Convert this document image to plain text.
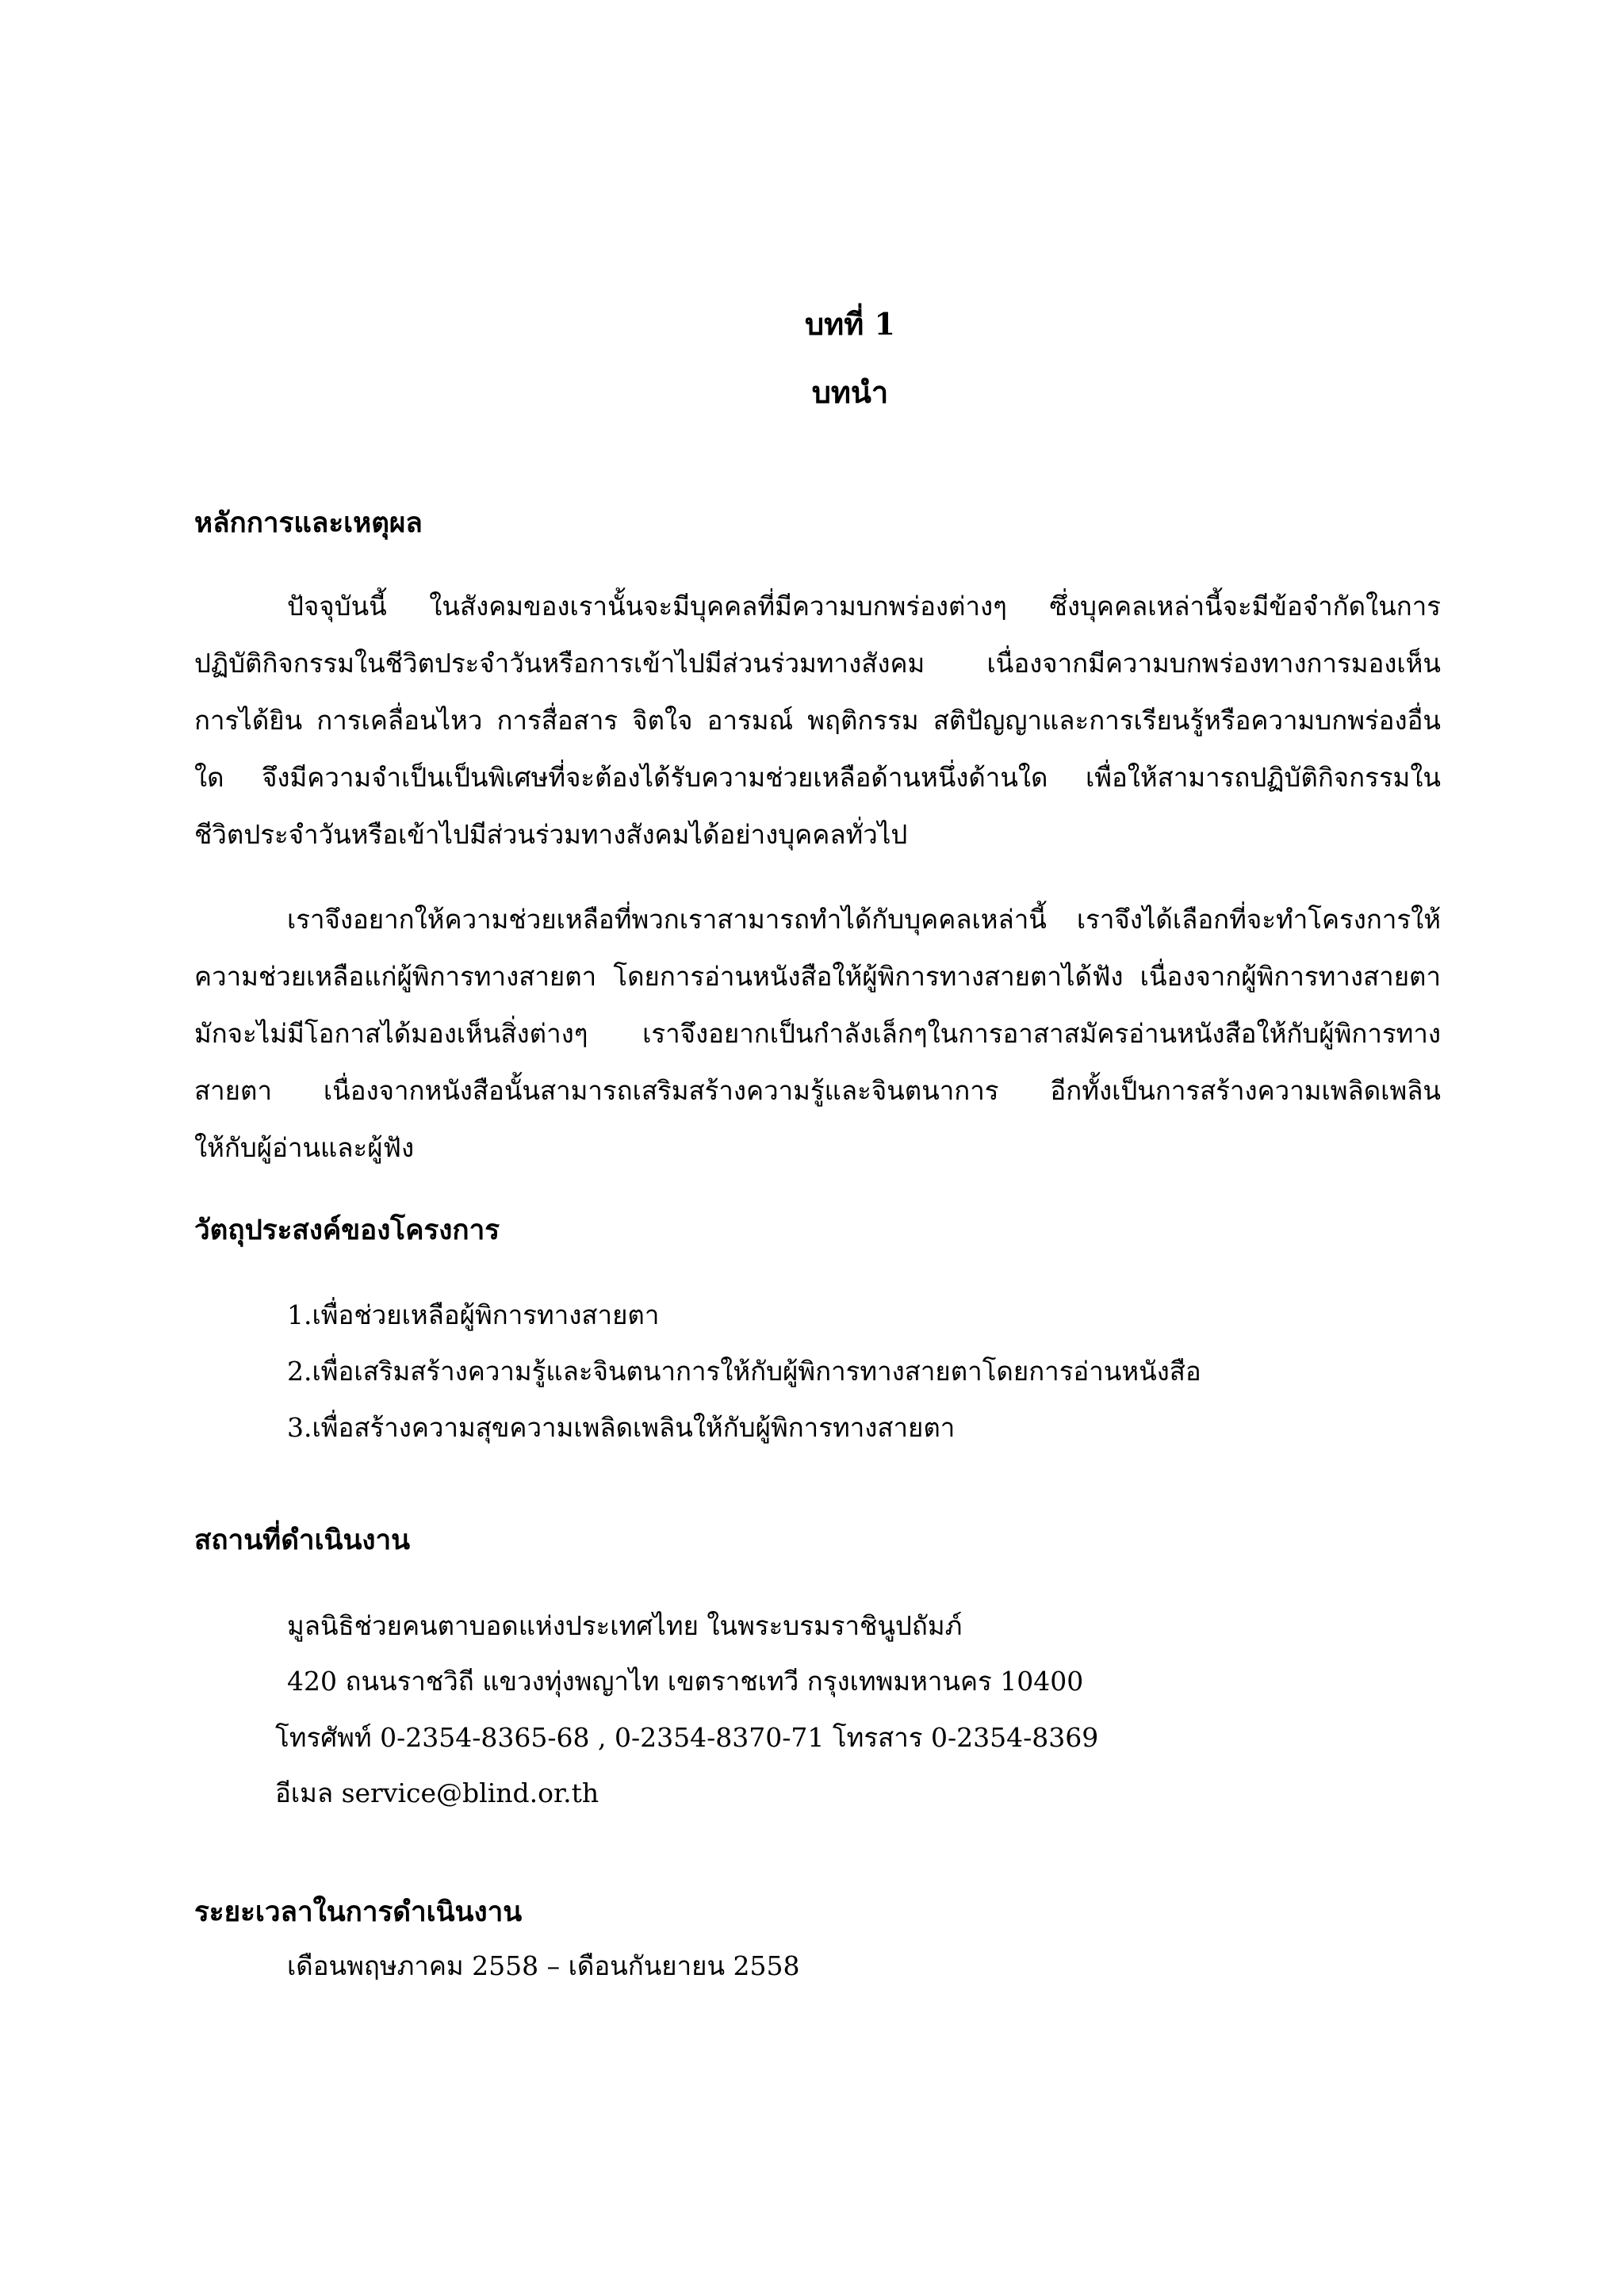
บทที่ 1
บทนำ
หลักการและเหตุผล
ปัจจุบันนี้ ในสังคมของเรานั้นจะมีบุคคลที่มีความบกพร่องต่างๆ ซึ่งบุคคลเหล่านี้จะมีข้อจำกัดในการ
ปฏิบัติกิจกรรมในชีวิตประจำวันหรือการเข้าไปมีส่วนร่วมทางสังคม เนื่องจากมีความบกพร่องทางการมองเห็น
การได้ยิน การเคลื่อนไหว การสื่อสาร จิตใจ อารมณ์ พฤติกรรม สติปัญญาและการเรียนรู้หรือความบกพร่องอื่น
ใด จึงมีความจำเป็นเป็นพิเศษที่จะต้องได้รับความช่วยเหลือด้านหนึ่งด้านใด เพื่อให้สามารถปฏิบัติกิจกรรมใน
ชีวิตประจำวันหรือเข้าไปมีส่วนร่วมทางสังคมได้อย่างบุคคลทั่วไป
เราจึงอยากให้ความช่วยเหลือที่พวกเราสามารถทำได้กับบุคคลเหล่านี้ เราจึงได้เลือกที่จะทำโครงการให้
ความช่วยเหลือแก่ผู้พิการทางสายตา โดยการอ่านหนังสือให้ผู้พิการทางสายตาได้ฟัง เนื่องจากผู้พิการทางสายตา
มักจะไม่มีโอกาสได้มองเห็นสิ่งต่างๆ เราจึงอยากเป็นกำลังเล็กๆในการอาสาสมัครอ่านหนังสือให้กับผู้พิการทาง
สายตา เนื่องจากหนังสือนั้นสามารถเสริมสร้างความรู้และจินตนาการ อีกทั้งเป็นการสร้างความเพลิดเพลิน
ให้กับผู้อ่านและผู้ฟัง
วัตถุประสงค์ของโครงการ
1.เพื่อช่วยเหลือผู้พิการทางสายตา
2.เพื่อเสริมสร้างความรู้และจินตนาการให้กับผู้พิการทางสายตาโดยการอ่านหนังสือ
3.เพื่อสร้างความสุขความเพลิดเพลินให้กับผู้พิการทางสายตา
สถานที่ดำเนินงาน
มูลนิธิช่วยคนตาบอดแห่งประเทศไทย ในพระบรมราชินูปถัมภ์
420 ถนนราชวิถี แขวงทุ่งพญาไท เขตราชเทวี กรุงเทพมหานคร 10400
โทรศัพท์ 0-2354-8365-68 , 0-2354-8370-71 โทรสาร 0-2354-8369
อีเมล service@blind.or.th
ระยะเวลาในการดำเนินงาน
เดือนพฤษภาคม 2558 – เดือนกันยายน 2558
